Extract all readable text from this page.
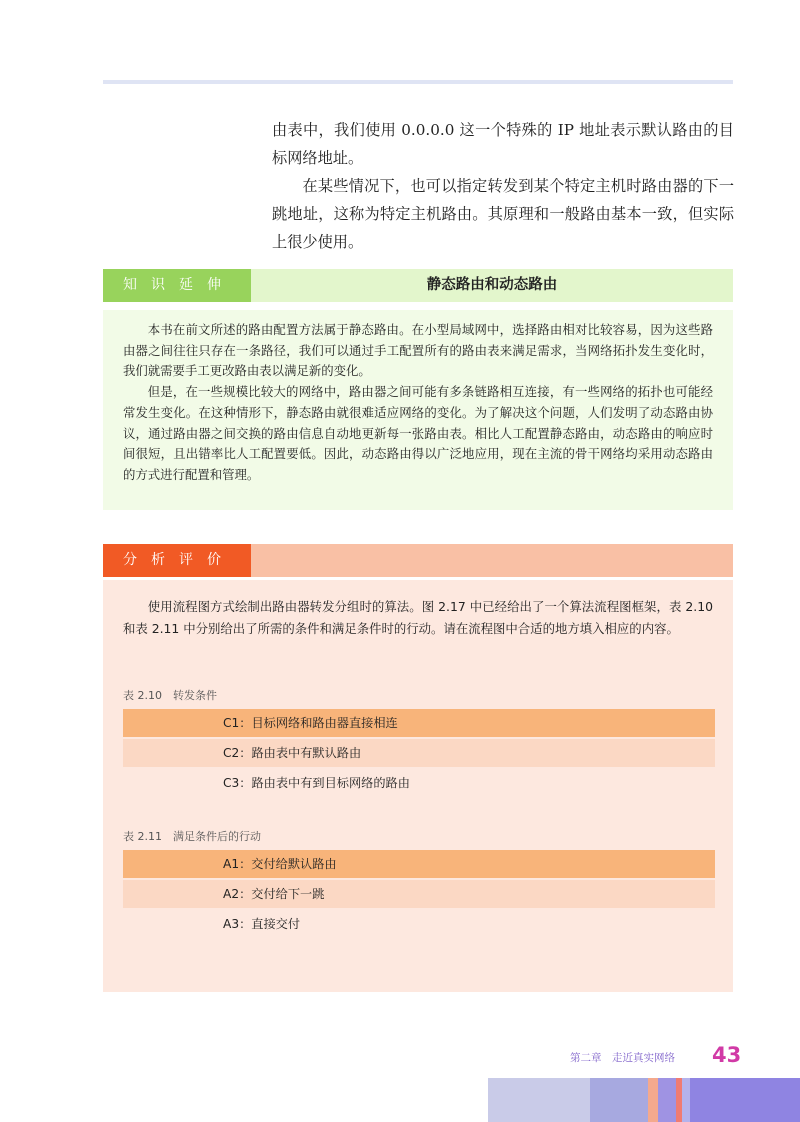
由表中，我们使用 0.0.0.0 这一个特殊的 IP 地址表示默认路由的目标网络地址。

在某些情况下，也可以指定转发到某个特定主机时路由器的下一跳地址，这称为特定主机路由。其原理和一般路由基本一致，但实际上很少使用。

知识延伸	静态路由和动态路由

本书在前文所述的路由配置方法属于静态路由。在小型局域网中，选择路由相对比较容易，因为这些路由器之间往往只存在一条路径，我们可以通过手工配置所有的路由表来满足需求，当网络拓扑发生变化时，我们就需要手工更改路由表以满足新的变化。

但是，在一些规模比较大的网络中，路由器之间可能有多条链路相互连接，有一些网络的拓扑也可能经常发生变化。在这种情形下，静态路由就很难适应网络的变化。为了解决这个问题，人们发明了动态路由协议，通过路由器之间交换的路由信息自动地更新每一张路由表。相比人工配置静态路由，动态路由的响应时间很短，且出错率比人工配置要低。因此，动态路由得以广泛地应用，现在主流的骨干网络均采用动态路由的方式进行配置和管理。

分析评价

使用流程图方式绘制出路由器转发分组时的算法。图 2.17 中已经给出了一个算法流程图框架，表 2.10 和表 2.11 中分别给出了所需的条件和满足条件时的行动。请在流程图中合适的地方填入相应的内容。

表 2.10　转发条件
C1：目标网络和路由器直接相连
C2：路由表中有默认路由
C3：路由表中有到目标网络的路由
表 2.11　满足条件后的行动
A1：交付给默认路由
A2：交付给下一跳
A3：直接交付
第二章　走近真实网络 43
